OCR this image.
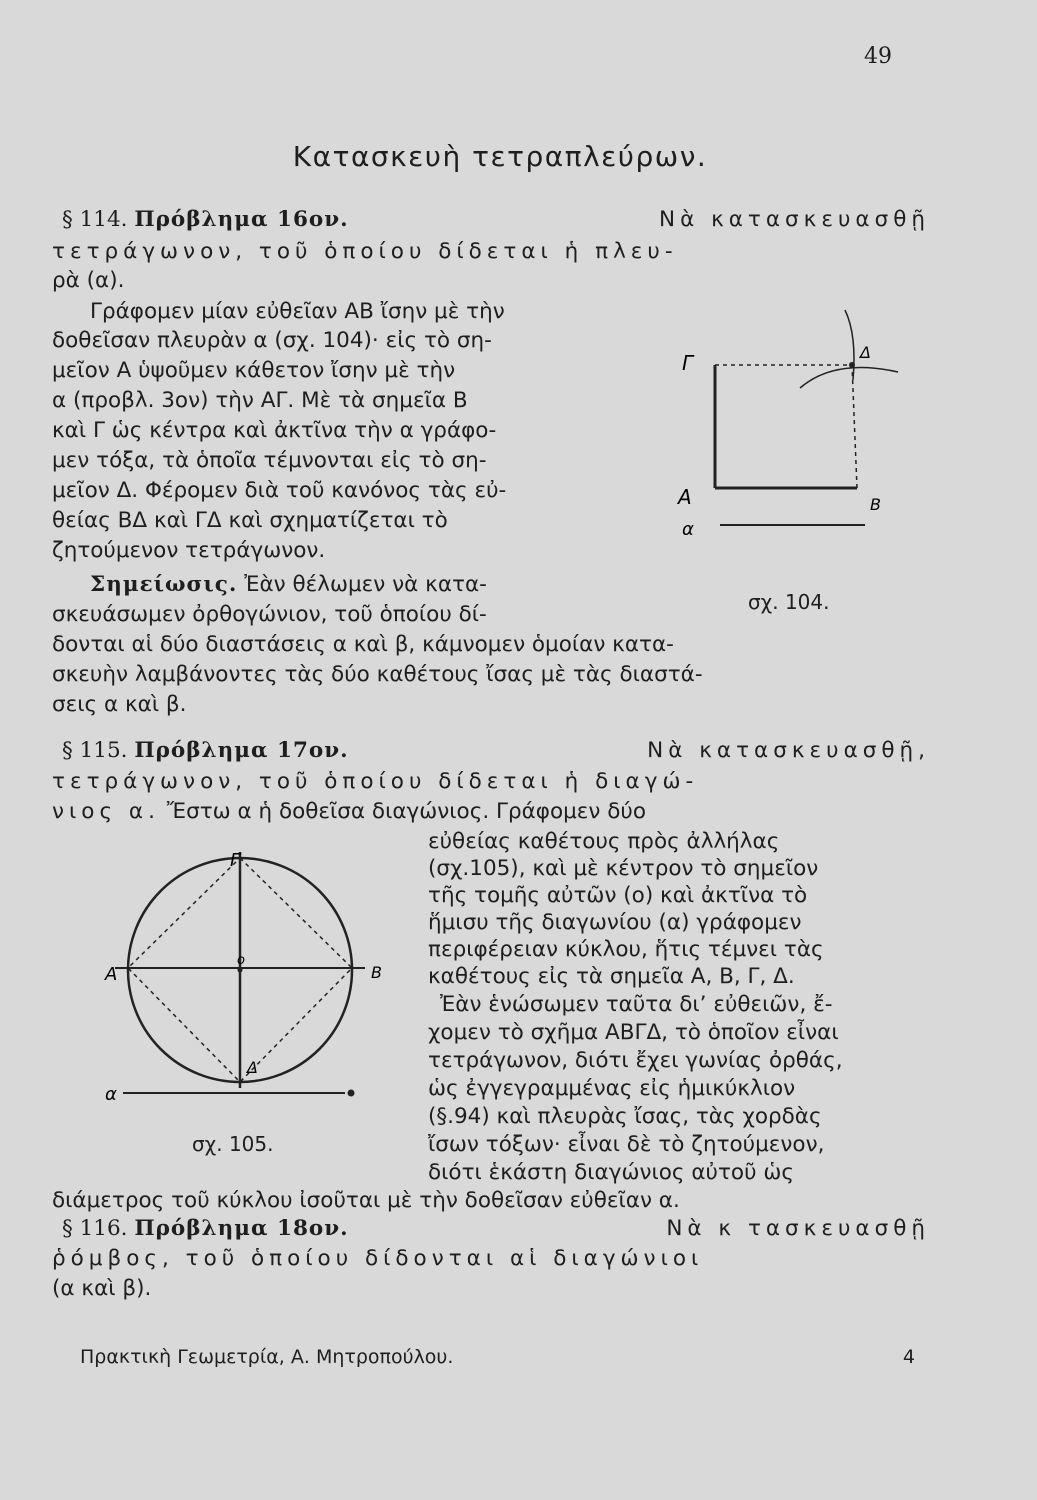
49
Κατασκευὴ τετραπλεύρων.
§ 114. Πρόβλημα 16ον.	Νὰ κατασκευασθῇ
τετράγωνον, τοῦ ὁποίου δίδεται ἡ πλευ-
ρὰ (α).
Γράφομεν μίαν εὐθεῖαν ΑΒ ἴσην μὲ τὴν
δοθεῖσαν πλευρὰν α (σχ. 104)· εἰς τὸ ση-
μεῖον Α ὑψοῦμεν κάθετον ἴσην μὲ τὴν
α (προβλ. 3ον) τὴν ΑΓ. Μὲ τὰ σημεῖα Β
καὶ Γ ὡς κέντρα καὶ ἀκτῖνα τὴν α γράφο-
μεν τόξα, τὰ ὁποῖα τέμνονται εἰς τὸ ση-
μεῖον Δ. Φέρομεν διὰ τοῦ κανόνος τὰς εὐ-
θείας ΒΔ καὶ ΓΔ καὶ σχηματίζεται τὸ
ζητούμενον τετράγωνον.
Σημείωσις. Ἐὰν θέλωμεν νὰ κατα-
σκευάσωμεν ὀρθογώνιον, τοῦ ὁποίου δί-
δονται αἱ δύο διαστάσεις α καὶ β, κάμνομεν ὁμοίαν κατα-
σκευὴν λαμβάνοντες τὰς δύο καθέτους ἴσας μὲ τὰς διαστά-
σεις α καὶ β.
Γ	Δ
Α	Β
α
σχ. 104.
§ 115. Πρόβλημα 17ον.	Νὰ κατασκευασθῇ,
τετράγωνον, τοῦ ὁποίου δίδεται ἡ διαγώ-
νιος α. Ἔστω α ἡ δοθεῖσα διαγώνιος. Γράφομεν δύο
εὐθείας καθέτους πρὸς ἀλλήλας
(σχ.105), καὶ μὲ κέντρον τὸ σημεῖον
τῆς τομῆς αὐτῶν (ο) καὶ ἀκτῖνα τὸ
ἥμισυ τῆς διαγωνίου (α) γράφομεν
περιφέρειαν κύκλου, ἥτις τέμνει τὰς
καθέτους εἰς τὰ σημεῖα Α, Β, Γ, Δ.
Ἐὰν ἑνώσωμεν ταῦτα δι’ εὐθειῶν, ἔ-
χομεν τὸ σχῆμα ΑΒΓΔ, τὸ ὁποῖον εἶναι
τετράγωνον, διότι ἔχει γωνίας ὀρθάς,
ὡς ἐγγεγραμμένας εἰς ἡμικύκλιον
(§.94) καὶ πλευρὰς ἴσας, τὰς χορδὰς
ἴσων τόξων· εἶναι δὲ τὸ ζητούμενον,
διότι ἑκάστη διαγώνιος αὐτοῦ ὡς
διάμετρος τοῦ κύκλου ἰσοῦται μὲ τὴν δοθεῖσαν εὐθεῖαν α.
Γ
Α	Β
Δ
ο
α
σχ. 105.
§ 116. Πρόβλημα 18ον.	Νὰ κ τασκευασθῇ
ῥόμβος, τοῦ ὁποίου δίδονται αἱ διαγώνιοι
(α καὶ β).
Πρακτικὴ Γεωμετρία, Α. Μητροπούλου.	4
